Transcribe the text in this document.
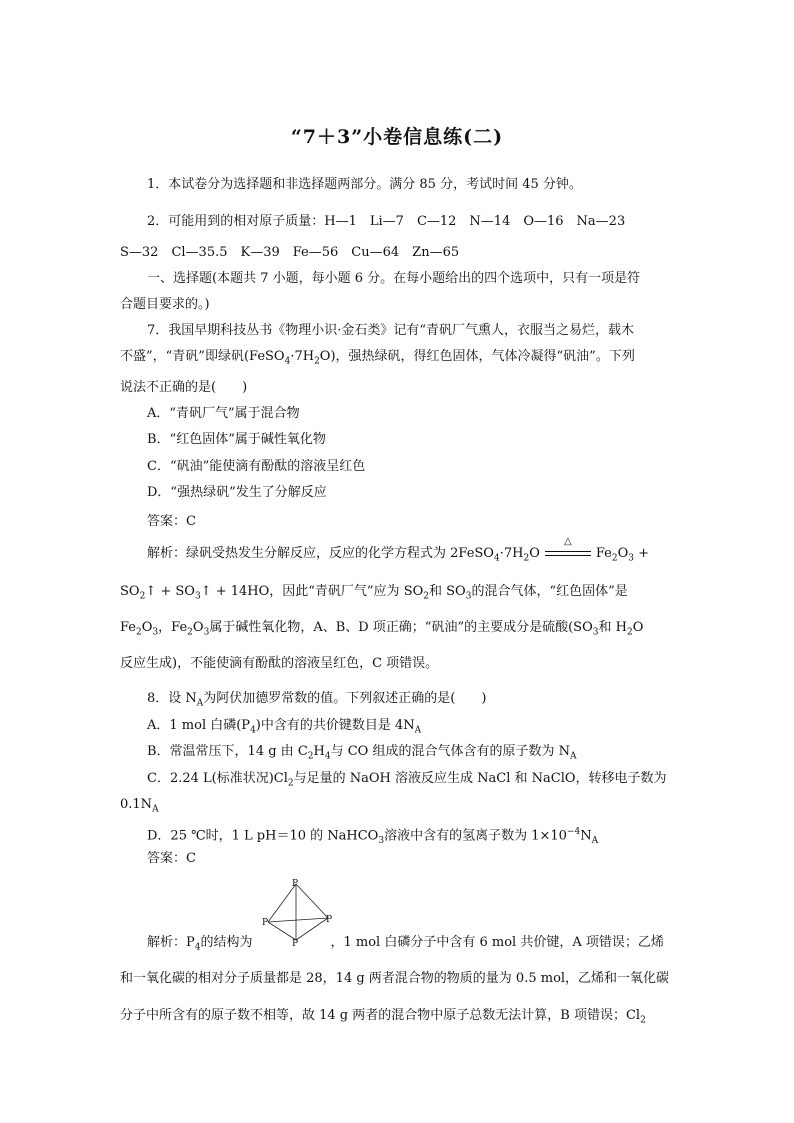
“7＋3”小卷信息练(二)
1．本试卷分为选择题和非选择题两部分。满分 85 分，考试时间 45 分钟。
2．可能用到的相对原子质量：H—1　Li—7　C—12　N—14　O—16　Na—23
S—32　Cl—35.5　K—39　Fe—56　Cu—64　Zn—65
一、选择题(本题共 7 小题，每小题 6 分。在每小题给出的四个选项中，只有一项是符
合题目要求的。)
7．我国早期科技丛书《物理小识·金石类》记有“青矾厂气熏人，衣服当之易烂，载木
不盛”，“青矾”即绿矾$(FeSO_4\cdot 7H_2O)$，强热绿矾，得红色固体，气体冷凝得“矾油”。下列
说法不正确的是(　　)
A．“青矾厂气”属于混合物
B．“红色固体”属于碱性氧化物
C．“矾油”能使滴有酚酞的溶液呈红色
D．“强热绿矾”发生了分解反应
答案：C
解析：绿矾受热发生分解反应，反应的化学方程式为 $2FeSO_4\cdot 7H_2O$
△
$Fe_2O_3$ +
$SO_2↑$ + $SO_3↑ + 14HO$，因此“青矾厂气”应为 $SO_2$和 $SO_3$的混合气体，“红色固体”是
$Fe_2O_3$，$Fe_2O_3$属于碱性氧化物，A、B、D 项正确；“矾油”的主要成分是硫酸($SO_3$和 $H_2O$
反应生成)，不能使滴有酚酞的溶液呈红色，C 项错误。
8．设 $N_A$为阿伏加德罗常数的值。下列叙述正确的是(　　)
A．1 mol 白磷$(P_4)$中含有的共价键数目是 $4N_A$
B．常温常压下，14 g 由 $C_2H_4$与 CO 组成的混合气体含有的原子数为 $N_A$
C．2.24 L(标准状况)$Cl_2$与足量的 NaOH 溶液反应生成 NaCl 和 NaClO，转移电子数为
$0.1N_A$
D．25 ℃时，1 L pH＝10 的 NaHCO$_3$溶液中含有的氢离子数为 $1\times 10^{-4}N_A$
答案：C
P
P	P
P
解析：$P_4$的结构为	，1 mol 白磷分子中含有 6 mol 共价键，A 项错误；乙烯
和一氧化碳的相对分子质量都是 28，14 g 两者混合物的物质的量为 0.5 mol，乙烯和一氧化碳
分子中所含有的原子数不相等，故 14 g 两者的混合物中原子总数无法计算，B 项错误；$Cl_2$
